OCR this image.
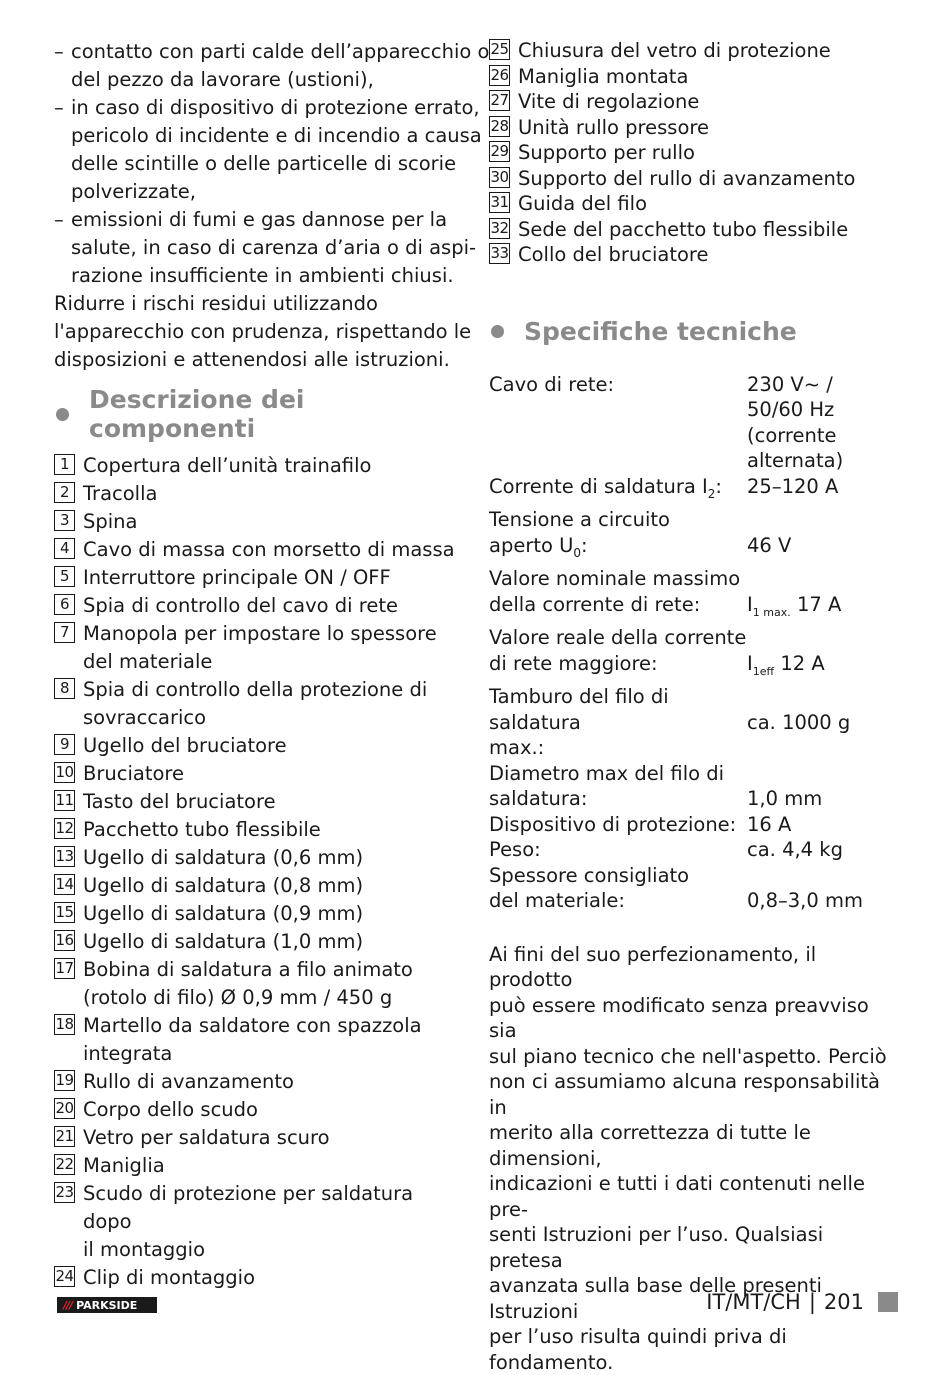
– contatto con parti calde dell’apparecchio o
del pezzo da lavorare (ustioni),
– in caso di dispositivo di protezione errato,
pericolo di incidente e di incendio a causa
delle scintille o delle particelle di scorie
polverizzate,
– emissioni di fumi e gas dannose per la
salute, in caso di carenza d’aria o di aspi-
razione insufficiente in ambienti chiusi.
Ridurre i rischi residui utilizzando
l'apparecchio con prudenza, rispettando le
disposizioni e attenendosi alle istruzioni.
Descrizione dei componenti
1 Copertura dell’unità trainafilo
2 Tracolla
3 Spina
4 Cavo di massa con morsetto di massa
5 Interruttore principale ON / OFF
6 Spia di controllo del cavo di rete
7 Manopola per impostare lo spessore
del materiale
8 Spia di controllo della protezione di
sovraccarico
9 Ugello del bruciatore
10 Bruciatore
11 Tasto del bruciatore
12 Pacchetto tubo flessibile
13 Ugello di saldatura (0,6 mm)
14 Ugello di saldatura (0,8 mm)
15 Ugello di saldatura (0,9 mm)
16 Ugello di saldatura (1,0 mm)
17 Bobina di saldatura a filo animato
(rotolo di filo) Ø 0,9 mm / 450 g
18 Martello da saldatore con spazzola
integrata
19 Rullo di avanzamento
20 Corpo dello scudo
21 Vetro per saldatura scuro
22 Maniglia
23 Scudo di protezione per saldatura dopo
il montaggio
24 Clip di montaggio
25 Chiusura del vetro di protezione
26 Maniglia montata
27 Vite di regolazione
28 Unità rullo pressore
29 Supporto per rullo
30 Supporto del rullo di avanzamento
31 Guida del filo
32 Sede del pacchetto tubo flessibile
33 Collo del bruciatore
Specifiche tecniche
Cavo di rete:	230 V~ /
50/60 Hz
(corrente
alternata)
Corrente di saldatura $I_2$:	25–120 A
Tensione a circuito
aperto $U_0$:
	46 V
Valore nominale massimo
della corrente di rete:
	$I_{1 max.}$ 17 A
Valore reale della corrente
di rete maggiore:
	$I_{1eff}$ 12 A
Tamburo del filo di saldatura
max.:

ca. 1000 g
Diametro max del filo di
saldatura:
	1,0 mm
Dispositivo di protezione: 16 A
Peso:	ca. 4,4 kg
Spessore consigliato
del materiale:
	0,8–3,0 mm
Ai fini del suo perfezionamento, il prodotto
può essere modificato senza preavviso sia
sul piano tecnico che nell'aspetto. Perciò
non ci assumiamo alcuna responsabilità in
merito alla correttezza di tutte le dimensioni,
indicazioni e tutti i dati contenuti nelle pre-
senti Istruzioni per l’uso. Qualsiasi pretesa
avanzata sulla base delle presenti Istruzioni
per l’uso risulta quindi priva di fondamento.
/// PARKSIDE	IT/MT/CH | 201
